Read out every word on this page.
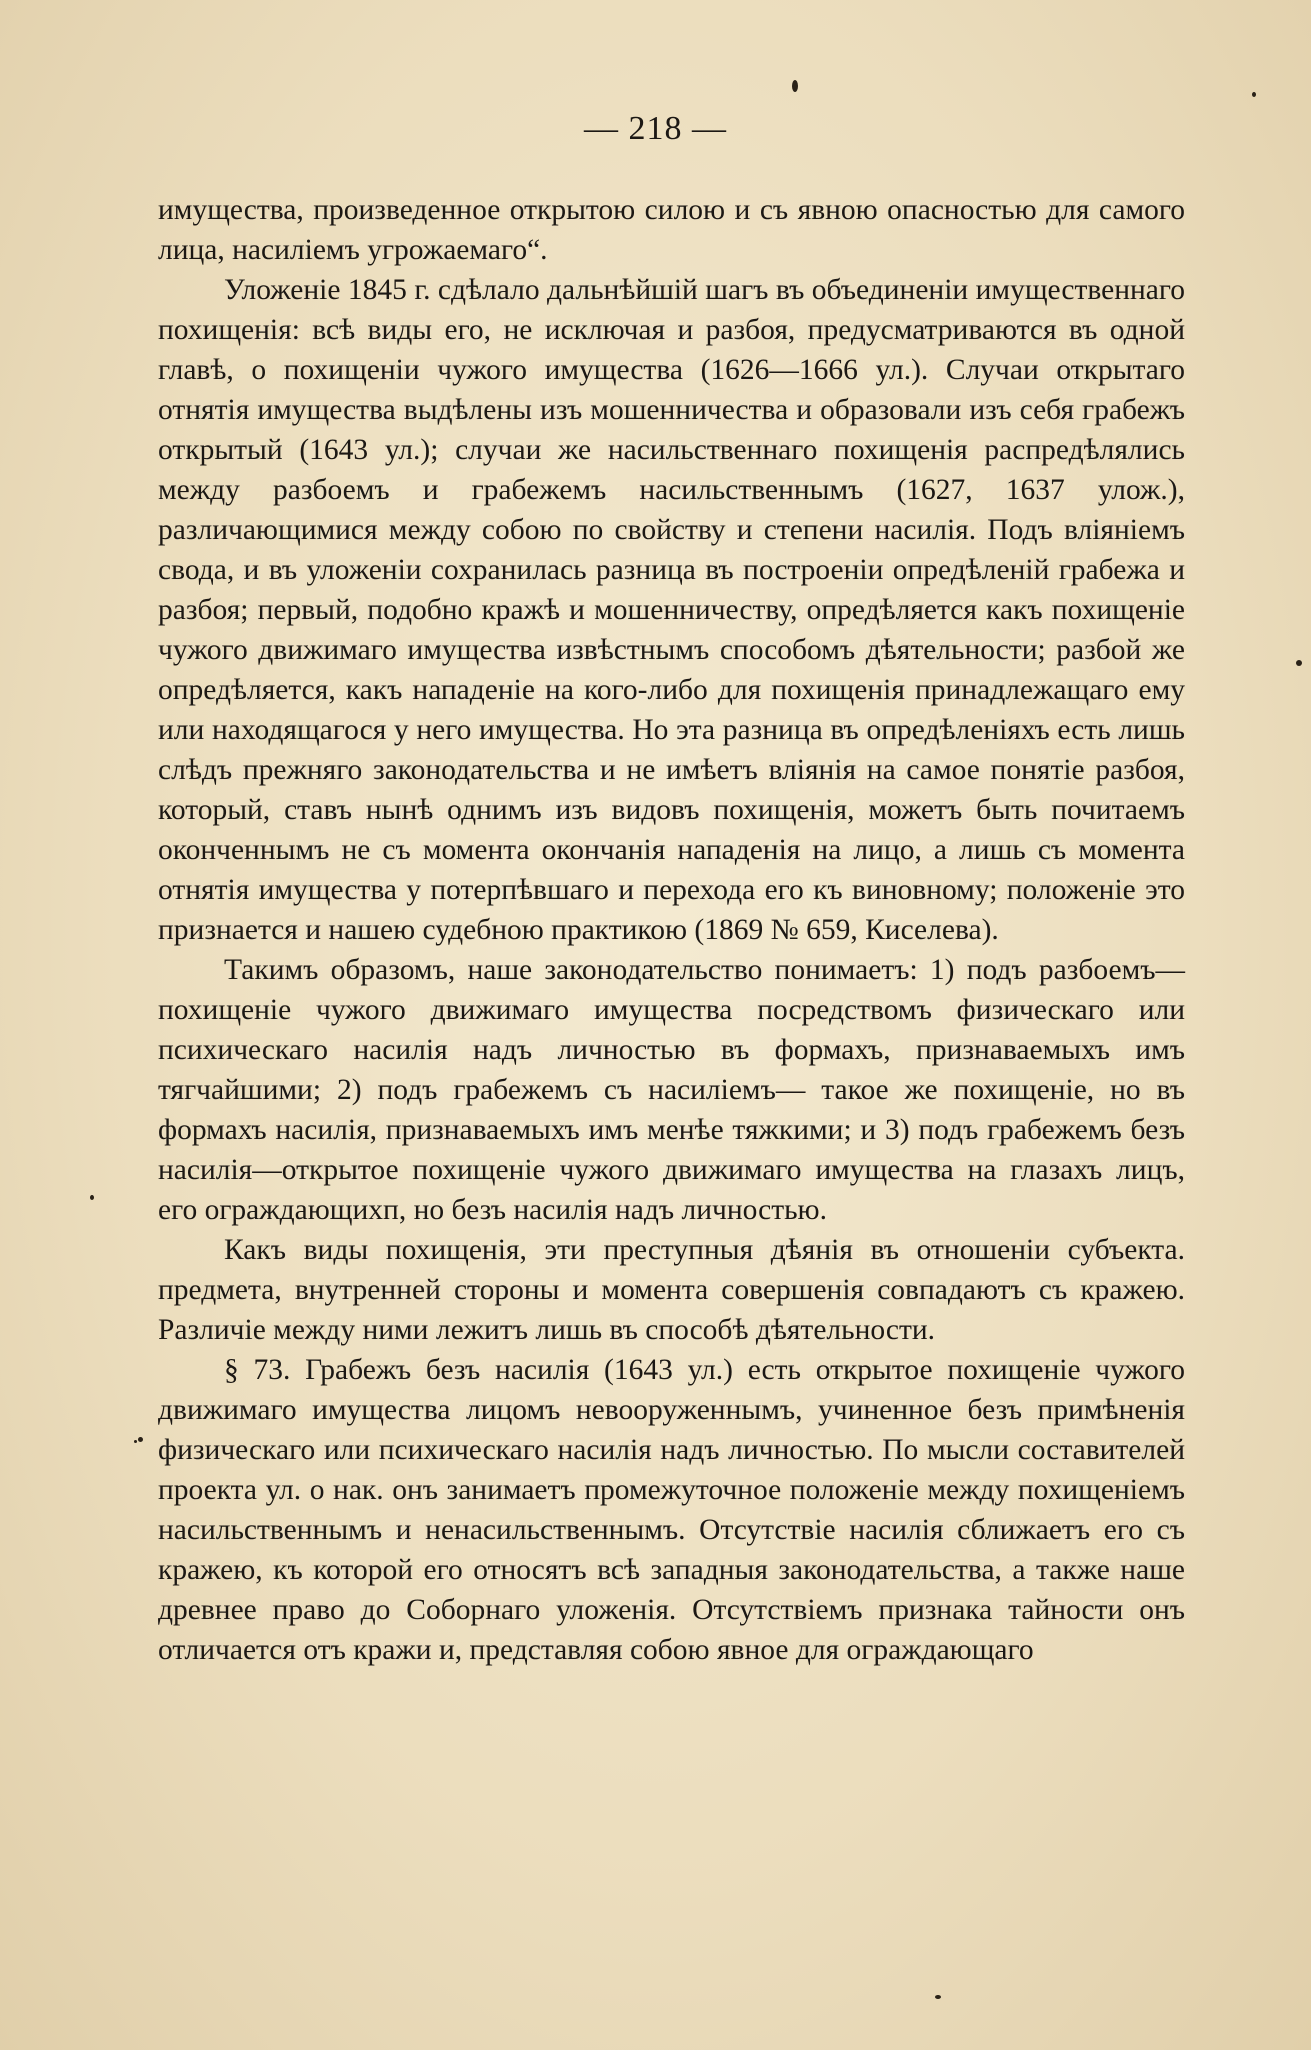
— 218 —

имущества, произведенное открытою силою и съ явною опасностью для самого лица, насиліемъ угрожаемаго“.

Уложеніе 1845 г. сдѣлало дальнѣйшій шагъ въ объединеніи имущественнаго похищенія: всѣ виды его, не исключая и разбоя, предусматриваются въ одной главѣ, о похищеніи чужого имущества (1626—1666 ул.). Случаи открытаго отнятія имущества выдѣлены изъ мошенничества и образовали изъ себя грабежъ открытый (1643 ул.); случаи же насильственнаго похищенія распредѣлялись между разбоемъ и грабежемъ насильственнымъ (1627, 1637 улож.), различающимися между собою по свойству и степени насилія. Подъ вліяніемъ свода, и въ уложеніи сохранилась разница въ построеніи опредѣленій грабежа и разбоя; первый, подобно кражѣ и мошенничеству, опредѣляется какъ похищеніе чужого движимаго имущества извѣстнымъ способомъ дѣятельности; разбой же опредѣляется, какъ нападеніе на кого-либо для похищенія принадлежащаго ему или находящагося у него имущества. Но эта разница въ опредѣленіяхъ есть лишь слѣдъ прежняго законодательства и не имѣетъ вліянія на самое понятіе разбоя, который, ставъ нынѣ однимъ изъ видовъ похищенія, можетъ быть почитаемъ оконченнымъ не съ момента окончанія нападенія на лицо, а лишь съ момента отнятія имущества у потерпѣвшаго и перехода его къ виновному; положеніе это признается и нашею судебною практикою (1869 № 659, Киселева).

Такимъ образомъ, наше законодательство понимаетъ: 1) подъ разбоемъ—похищеніе чужого движимаго имущества посредствомъ физическаго или психическаго насилія надъ личностью въ формахъ, признаваемыхъ имъ тягчайшими; 2) подъ грабежемъ съ насиліемъ— такое же похищеніе, но въ формахъ насилія, признаваемыхъ имъ менѣе тяжкими; и 3) подъ грабежемъ безъ насилія—открытое похищеніе чужого движимаго имущества на глазахъ лицъ, его ограждающихп, но безъ насилія надъ личностью.

Какъ виды похищенія, эти преступныя дѣянія въ отношеніи субъекта. предмета, внутренней стороны и момента совершенія совпадаютъ съ кражею. Различіе между ними лежитъ лишь въ способѣ дѣятельности.

§ 73. Грабежъ безъ насилія (1643 ул.) есть открытое похищеніе чужого движимаго имущества лицомъ невооруженнымъ, учиненное безъ примѣненія физическаго или психическаго насилія надъ личностью. По мысли составителей проекта ул. о нак. онъ занимаетъ промежуточное положеніе между похищеніемъ насильственнымъ и ненасильственнымъ. Отсутствіе насилія сближаетъ его съ кражею, къ которой его относятъ всѣ западныя законодательства, а также наше древнее право до Соборнаго уложенія. Отсутствіемъ признака тайности онъ отличается отъ кражи и, представляя собою явное для ограждающаго
